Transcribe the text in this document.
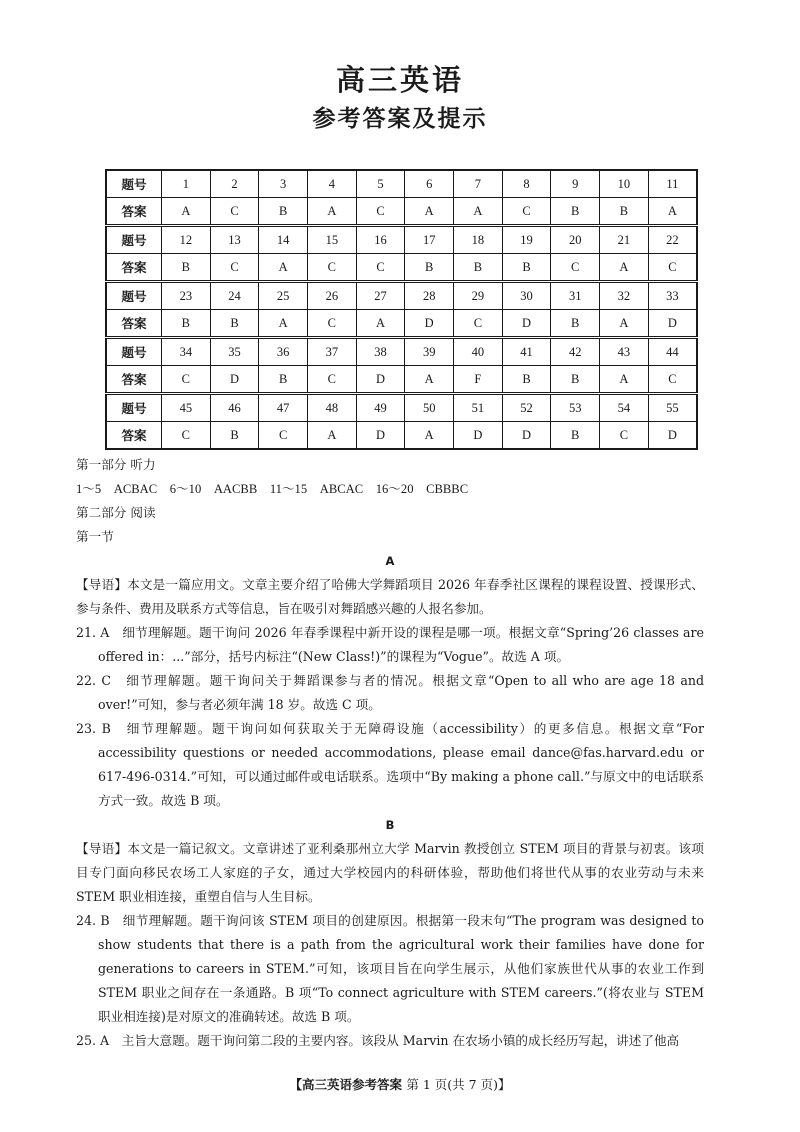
高三英语
参考答案及提示
题号	1	2	3	4	5	6	7	8	9	10	11
答案	A	C	B	A	C	A	A	C	B	B	A
题号	12	13	14	15	16	17	18	19	20	21	22
答案	B	C	A	C	C	B	B	B	C	A	C
题号	23	24	25	26	27	28	29	30	31	32	33
答案	B	B	A	C	A	D	C	D	B	A	D
题号	34	35	36	37	38	39	40	41	42	43	44
答案	C	D	B	C	D	A	F	B	B	A	C
题号	45	46	47	48	49	50	51	52	53	54	55
答案	C	B	C	A	D	A	D	D	B	C	D

第一部分 听力

1～5　ACBAC　6～10　AACBB　11～15　ABCAC　16～20　CBBBC

第二部分 阅读

第一节

A

【导语】本文是一篇应用文。文章主要介绍了哈佛大学舞蹈项目 2026 年春季社区课程的课程设置、授课形式、参与条件、费用及联系方式等信息，旨在吸引对舞蹈感兴趣的人报名参加。

21. A　细节理解题。题干询问 2026 年春季课程中新开设的课程是哪一项。根据文章“Spring’26 classes are offered in：...”部分，括号内标注“(New Class!)”的课程为“Vogue”。故选 A 项。

22. C　细节理解题。题干询问关于舞蹈课参与者的情况。根据文章“Open to all who are age 18 and over!”可知，参与者必须年满 18 岁。故选 C 项。

23. B　细节理解题。题干询问如何获取关于无障碍设施（accessibility）的更多信息。根据文章“For accessibility questions or needed accommodations, please email dance@fas.harvard.edu or 617-496-0314.”可知，可以通过邮件或电话联系。选项中“By making a phone call.”与原文中的电话联系方式一致。故选 B 项。

B

【导语】本文是一篇记叙文。文章讲述了亚利桑那州立大学 Marvin 教授创立 STEM 项目的背景与初衷。该项目专门面向移民农场工人家庭的子女，通过大学校园内的科研体验，帮助他们将世代从事的农业劳动与未来 STEM 职业相连接，重塑自信与人生目标。

24. B　细节理解题。题干询问该 STEM 项目的创建原因。根据第一段末句“The program was designed to show students that there is a path from the agricultural work their families have done for generations to careers in STEM.”可知，该项目旨在向学生展示，从他们家族世代从事的农业工作到 STEM 职业之间存在一条通路。B 项“To connect agriculture with STEM careers.”(将农业与 STEM 职业相连接)是对原文的准确转述。故选 B 项。

25. A　主旨大意题。题干询问第二段的主要内容。该段从 Marvin 在农场小镇的成长经历写起，讲述了他高

【高三英语参考答案 第 1 页(共 7 页)】
